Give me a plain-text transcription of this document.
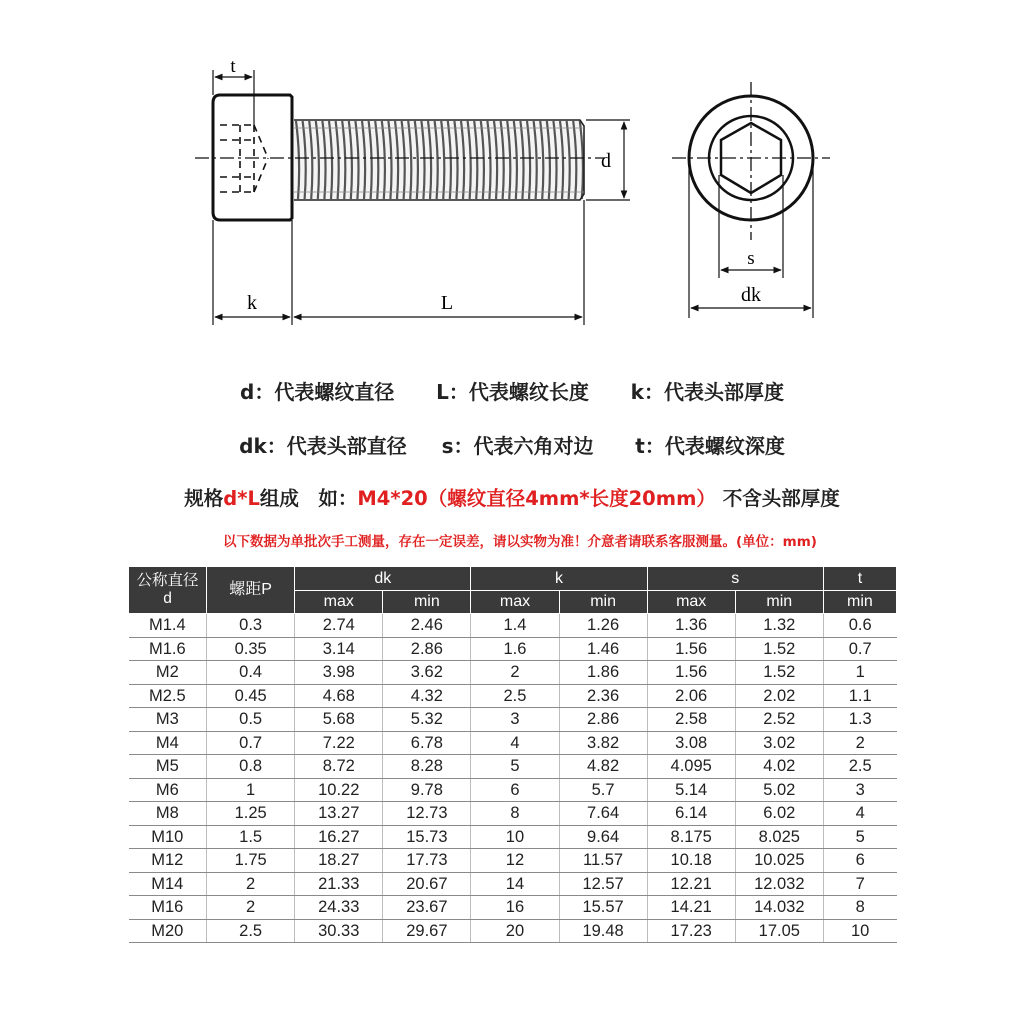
t
d
k	L
s
dk
d：代表螺纹直径 L：代表螺纹长度 k：代表头部厚度
dk：代表头部直径 s：代表六角对边 t：代表螺纹深度
规格d*L组成　如：M4*20（螺纹直径4mm*长度20mm） 不含头部厚度
以下数据为单批次手工测量，存在一定误差，请以实物为准！介意者请联系客服测量。(单位：mm)
公称直径
d	螺距P	dk		k		s		t
		max	min	max	min	max	min	min
M1.4	0.3	2.74	2.46	1.4	1.26	1.36	1.32	0.6
M1.6	0.35	3.14	2.86	1.6	1.46	1.56	1.52	0.7
M2	0.4	3.98	3.62	2	1.86	1.56	1.52	1
M2.5	0.45	4.68	4.32	2.5	2.36	2.06	2.02	1.1
M3	0.5	5.68	5.32	3	2.86	2.58	2.52	1.3
M4	0.7	7.22	6.78	4	3.82	3.08	3.02	2
M5	0.8	8.72	8.28	5	4.82	4.095	4.02	2.5
M6	1	10.22	9.78	6	5.7	5.14	5.02	3
M8	1.25	13.27	12.73	8	7.64	6.14	6.02	4
M10	1.5	16.27	15.73	10	9.64	8.175	8.025	5
M12	1.75	18.27	17.73	12	11.57	10.18	10.025	6
M14	2	21.33	20.67	14	12.57	12.21	12.032	7
M16	2	24.33	23.67	16	15.57	14.21	14.032	8
M20	2.5	30.33	29.67	20	19.48	17.23	17.05	10
